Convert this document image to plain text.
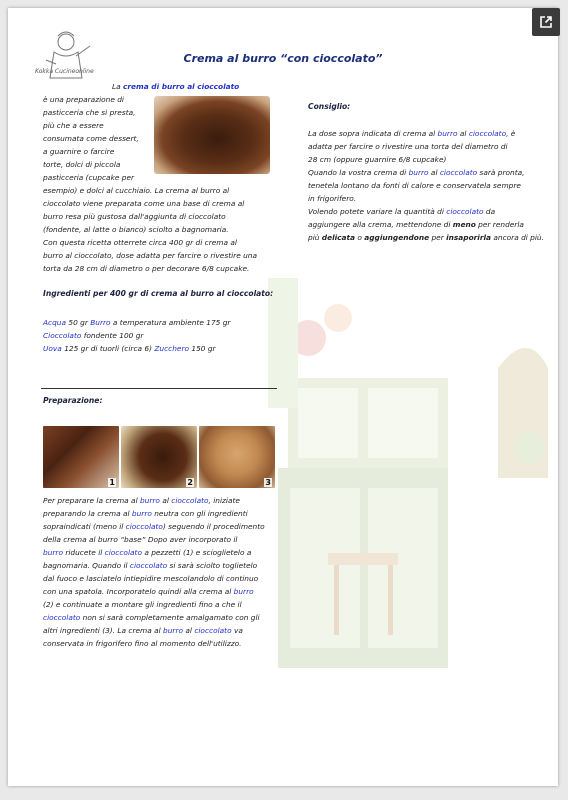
Kokka Cucineonline
Crema al burro “con cioccolato”
La crema di burro al cioccolato
è una preparazione di
pasticceria che si presta,
più che a essere
consumata come dessert,
a guarnire o farcire
torte, dolci di piccola
pasticceria (cupcake per
esempio) e dolci al cucchiaio. La crema al burro al
cioccolato viene preparata come una base di crema al
burro resa più gustosa dall'aggiunta di cioccolato
(fondente, al latte o bianco) sciolto a bagnomaria.
Con questa ricetta otterrete circa 400 gr di crema al
burro al cioccolato, dose adatta per farcire o rivestire una
torta da 28 cm di diametro o per decorare 6/8 cupcake.
Ingredienti per 400 gr di crema al burro al cioccolato:
Acqua 50 gr Burro a temperatura ambiente 175 gr
Cioccolato fondente 100 gr
Uova 125 gr di tuorli (circa 6) Zucchero 150 gr
Preparazione:
1	2	3
Per preparare la crema al burro al cioccolato, iniziate
preparando la crema al burro neutra con gli ingredienti
sopraindicati (meno il cioccolato) seguendo il procedimento
della crema al burro “base” Dopo aver incorporato il
burro riducete il cioccolato a pezzetti (1) e scioglietelo a
bagnomaria. Quando il cioccolato si sarà sciolto toglietelo
dal fuoco e lasciatelo intiepidire mescolandolo di continuo
con una spatola. Incorporatelo quindi alla crema al burro
(2) e continuate a montare gli ingredienti fino a che il
cioccolato non si sarà completamente amalgamato con gli
altri ingredienti (3). La crema al burro al cioccolato va
conservata in frigorifero fino al momento dell'utilizzo.
Consiglio:
La dose sopra indicata di crema al burro al cioccolato, è
adatta per farcire o rivestire una torta del diametro di
28 cm (oppure guarnire 6/8 cupcake)
Quando la vostra crema di burro al cioccolato sarà pronta,
tenetela lontano da fonti di calore e conservatela sempre
in frigorifero.
Volendo potete variare la quantità di cioccolato da
aggiungere alla crema, mettendone di meno per renderla
più delicata o aggiungendone per insaporirla ancora di più.
